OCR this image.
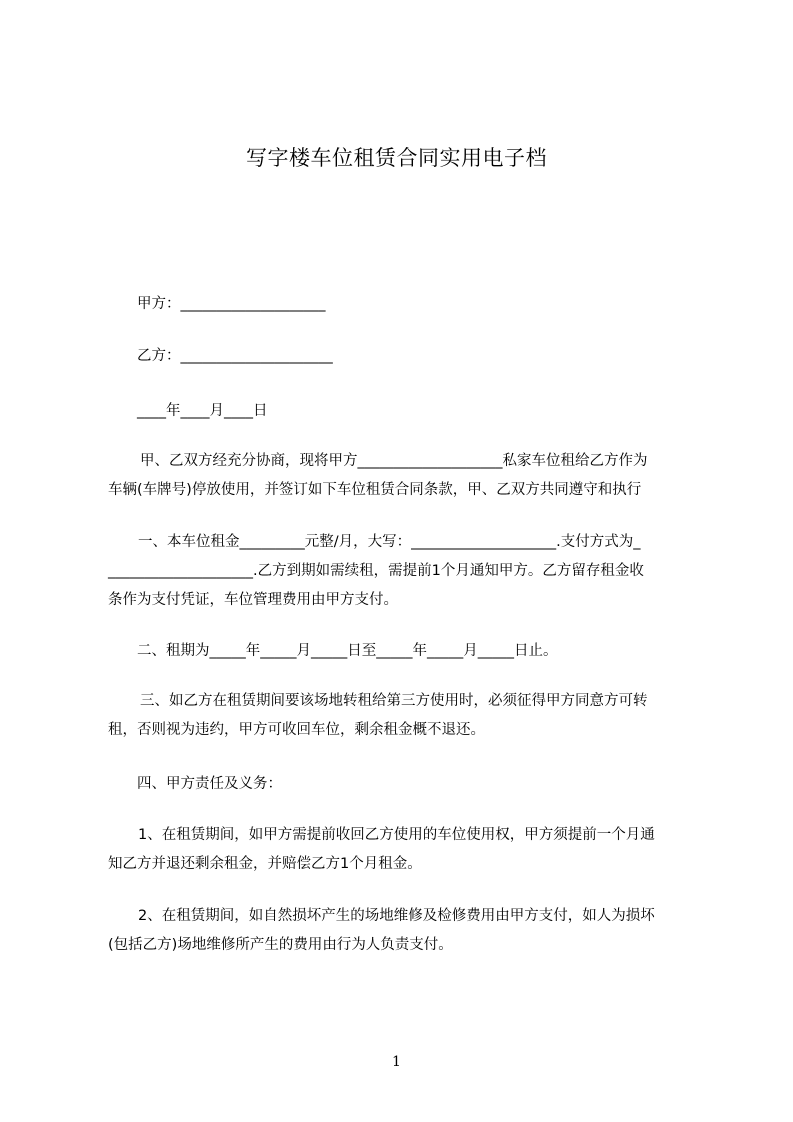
写字楼车位租赁合同实用电子档
甲方：____________________
乙方：_____________________
____年____月____日
甲、乙双方经充分协商，现将甲方____________________私家车位租给乙方作为
车辆(车牌号)停放使用，并签订如下车位租赁合同条款，甲、乙双方共同遵守和执行
一、本车位租金_________元整/月，大写：____________________.支付方式为_
____________________.乙方到期如需续租，需提前1个月通知甲方。乙方留存租金收
条作为支付凭证，车位管理费用由甲方支付。
二、租期为_____年_____月_____日至_____年_____月_____日止。
三、如乙方在租赁期间要该场地转租给第三方使用时，必须征得甲方同意方可转
租，否则视为违约，甲方可收回车位，剩余租金概不退还。
四、甲方责任及义务：
1、在租赁期间，如甲方需提前收回乙方使用的车位使用权，甲方须提前一个月通
知乙方并退还剩余租金，并赔偿乙方1个月租金。
2、在租赁期间，如自然损坏产生的场地维修及检修费用由甲方支付，如人为损坏
(包括乙方)场地维修所产生的费用由行为人负责支付。
1
